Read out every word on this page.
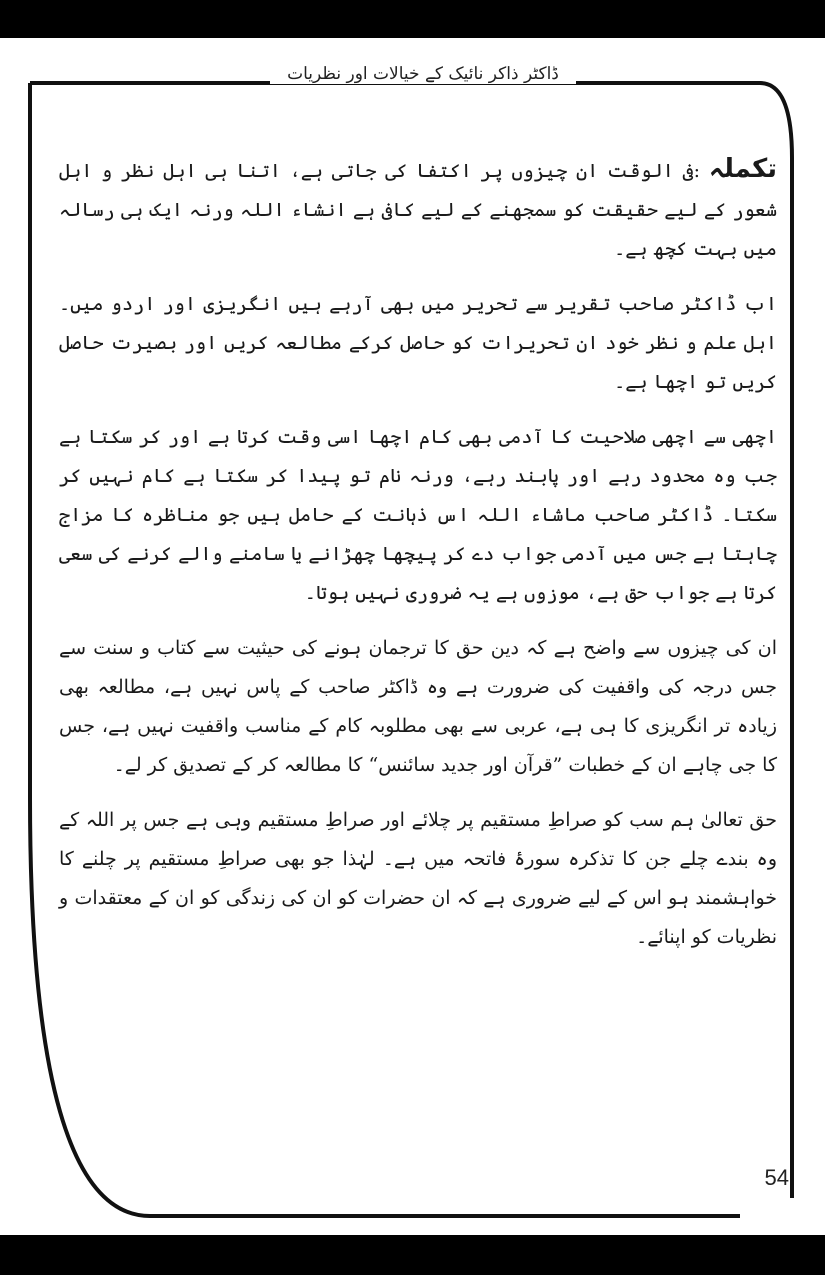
ڈاکٹر ذاکر نائیک کے خیالات اور نظریات

تکملہ :فی الوقت ان چیزوں پر اکتفا کی جاتی ہے، اتنا ہی اہل نظر و اہل شعور کے لیے حقیقت کو سمجھنے کے لیے کافی ہے انشاء اللہ ورنہ ایک ہی رسالہ میں بہت کچھ ہے۔

اب ڈاکٹر صاحب تقریر سے تحریر میں بھی آرہے ہیں انگریزی اور اردو میں۔ اہل علم و نظر خود ان تحریرات کو حاصل کرکے مطالعہ کریں اور بصیرت حاصل کریں تو اچھا ہے۔

اچھی سے اچھی صلاحیت کا آدمی بھی کام اچھا اسی وقت کرتا ہے اور کر سکتا ہے جب وہ محدود رہے اور پابند رہے، ورنہ نام تو پیدا کر سکتا ہے کام نہیں کر سکتا۔ ڈاکٹر صاحب ماشاء اللہ اس ذہانت کے حامل ہیں جو مناظرہ کا مزاج چاہتا ہے جس میں آدمی جواب دے کر پیچھا چھڑانے یا سامنے والے کرنے کی سعی کرتا ہے جواب حق ہے، موزوں ہے یہ ضروری نہیں ہوتا۔

ان کی چیزوں سے واضح ہے کہ دین حق کا ترجمان ہونے کی حیثیت سے کتاب و سنت سے جس درجہ کی واقفیت کی ضرورت ہے وہ ڈاکٹر صاحب کے پاس نہیں ہے، مطالعہ بھی زیادہ تر انگریزی کا ہی ہے، عربی سے بھی مطلوبہ کام کے مناسب واقفیت نہیں ہے، جس کا جی چاہے ان کے خطبات ”قرآن اور جدید سائنس“ کا مطالعہ کر کے تصدیق کر لے۔

حق تعالیٰ ہم سب کو صراطِ مستقیم پر چلائے اور صراطِ مستقیم وہی ہے جس پر اللہ کے وہ بندے چلے جن کا تذکرہ سورۂ فاتحہ میں ہے۔ لہٰذا جو بھی صراطِ مستقیم پر چلنے کا خواہشمند ہو اس کے لیے ضروری ہے کہ ان حضرات کو ان کی زندگی کو ان کے معتقدات و نظریات کو اپنائے۔

54
